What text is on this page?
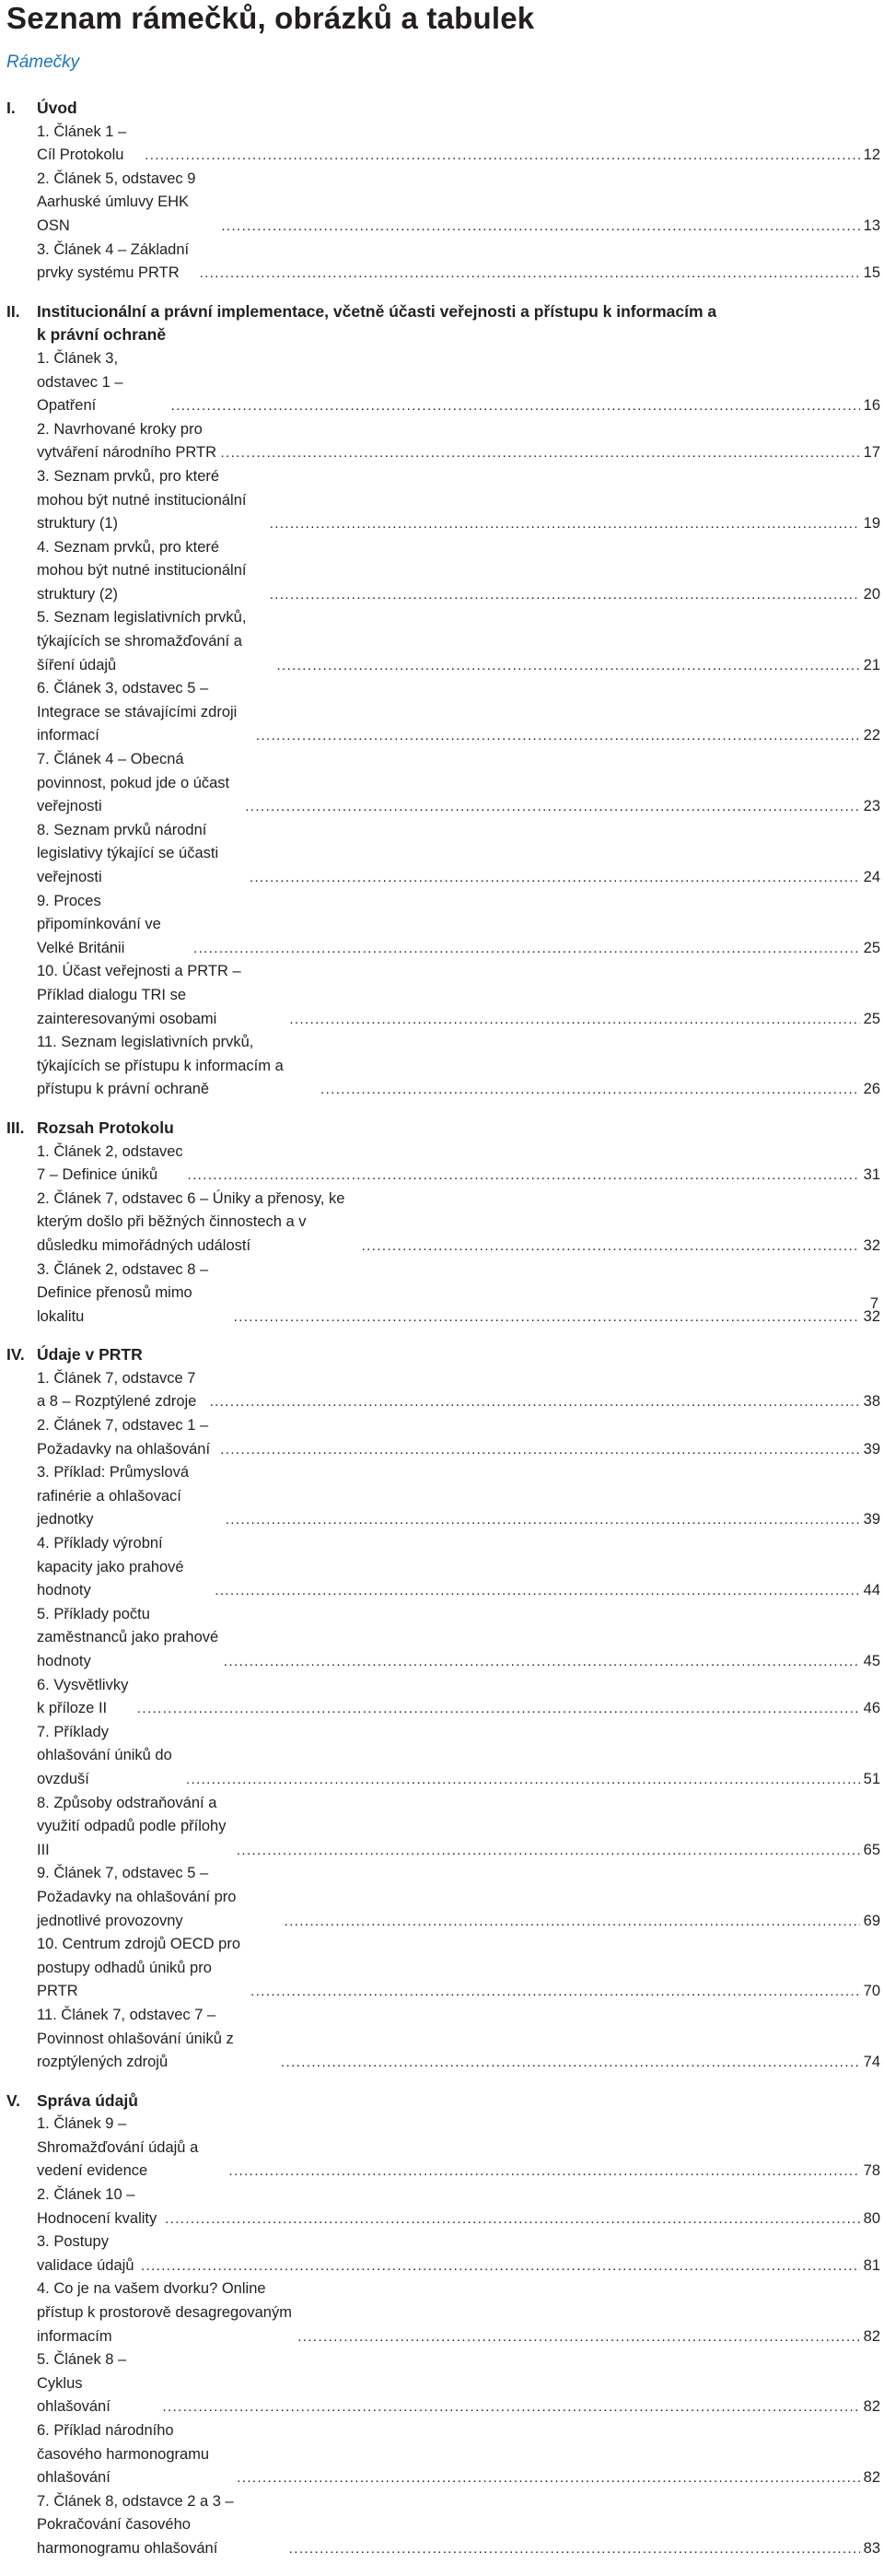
Seznam rámečků, obrázků a tabulek
Rámečky
I. Úvod
1. Článek 1 – Cíl Protokolu .....	12
2. Článek 5, odstavec 9 Aarhuské úmluvy EHK OSN .....	13
3. Článek 4 – Základní prvky systému PRTR .....	15
II. Institucionální a právní implementace, včetně účasti veřejnosti a přístupu k informacím a k právní ochraně
1. Článek 3, odstavec 1 – Opatření .....	16
2. Navrhované kroky pro vytváření národního PRTR .....	17
3. Seznam prvků, pro které mohou být nutné institucionální struktury (1) .....	19
4. Seznam prvků, pro které mohou být nutné institucionální struktury (2) .....	20
5. Seznam legislativních prvků, týkajících se shromažďování a šíření údajů .....	21
6. Článek 3, odstavec 5 – Integrace se stávajícími zdroji informací .....	22
7. Článek 4 – Obecná povinnost, pokud jde o účast veřejnosti .....	23
8. Seznam prvků národní legislativy týkající se účasti veřejnosti .....	24
9. Proces připomínkování ve Velké Británii .....	25
10. Účast veřejnosti a PRTR – Příklad dialogu TRI se zainteresovanými osobami .....	25
11. Seznam legislativních prvků, týkajících se přístupu k informacím a přístupu k právní ochraně .....	26
III. Rozsah Protokolu
1. Článek 2, odstavec 7 – Definice úniků .....	31
2. Článek 7, odstavec 6 – Úniky a přenosy, ke kterým došlo při běžných činnostech a v důsledku mimořádných událostí .....	32
3. Článek 2, odstavec 8 – Definice přenosů mimo lokalitu .....	32
IV. Údaje v PRTR
1. Článek 7, odstavce 7 a 8 – Rozptýlené zdroje .....	38
2. Článek 7, odstavec 1 – Požadavky na ohlašování .....	39
3. Příklad: Průmyslová rafinérie a ohlašovací jednotky .....	39
4. Příklady výrobní kapacity jako prahové hodnoty .....	44
5. Příklady počtu zaměstnanců jako prahové hodnoty .....	45
6. Vysvětlivky k příloze II .....	46
7. Příklady ohlašování úniků do ovzduší .....	51
8. Způsoby odstraňování a využití odpadů podle přílohy III .....	65
9. Článek 7, odstavec 5 – Požadavky na ohlašování pro jednotlivé provozovny .....	69
10. Centrum zdrojů OECD pro postupy odhadů úniků pro PRTR .....	70
11. Článek 7, odstavec 7 – Povinnost ohlašování úniků z rozptýlených zdrojů .....	74
V. Správa údajů
1. Článek 9 – Shromažďování údajů a vedení evidence .....	78
2. Článek 10 – Hodnocení kvality .....	80
3. Postupy validace údajů .....	81
4. Co je na vašem dvorku? Online přístup k prostorově desagregovaným informacím .....	82
5. Článek 8 – Cyklus ohlašování .....	82
6. Příklad národního časového harmonogramu ohlašování .....	82
7. Článek 8, odstavce 2 a 3 – Pokračování časového harmonogramu ohlašování .....	83
7
